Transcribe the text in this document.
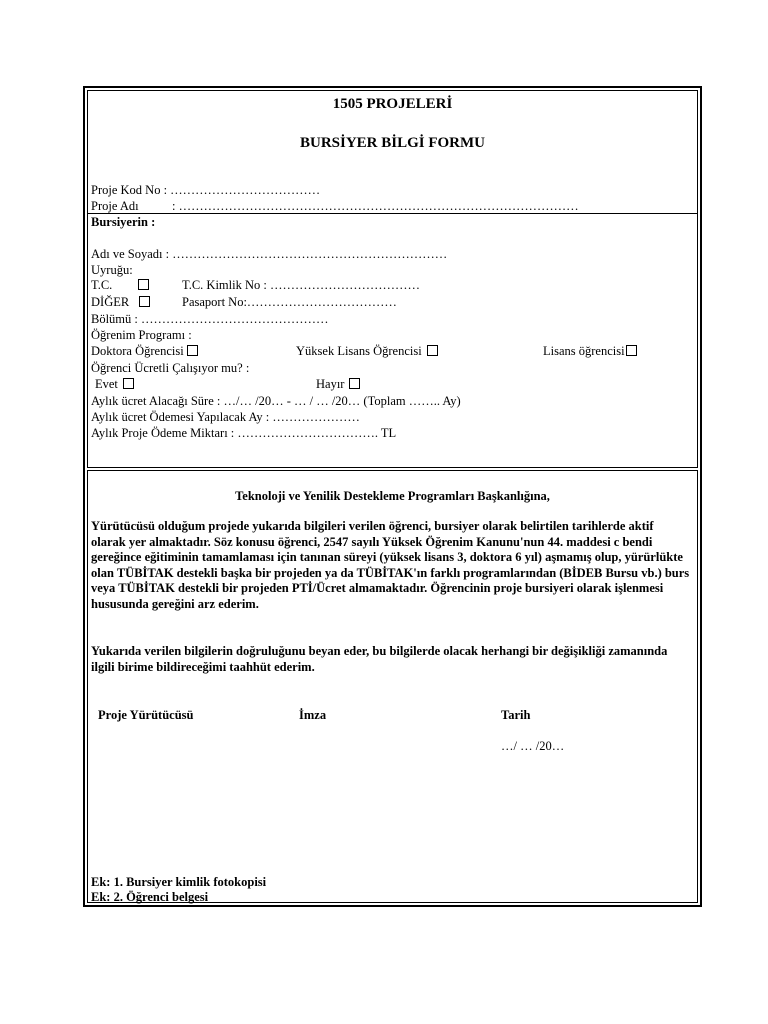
1505 PROJELERİ
BURSİYER BİLGİ FORMU
Proje Kod No : ………………………………
Proje Adı	: ……………………………………………………………………………………
Bursiyerin :
Adı ve Soyadı : …………………………………………………………
Uyruğu:
T.C.	T.C. Kimlik No : ………………………………
DİĞER	Pasaport No:………………………………
Bölümü : ………………………………………
Öğrenim Programı :
Doktora Öğrencisi	Yüksek Lisans Öğrencisi	Lisans öğrencisi
Öğrenci Ücretli Çalışıyor mu? :
Evet	Hayır
Aylık ücret Alacağı Süre : …/… /20… - … / … /20… (Toplam …….. Ay)
Aylık ücret Ödemesi Yapılacak Ay : …………………
Aylık Proje Ödeme Miktarı : ……………………………. TL
Teknoloji ve Yenilik Destekleme Programları Başkanlığına,
Yürütücüsü olduğum projede yukarıda bilgileri verilen öğrenci, bursiyer olarak belirtilen tarihlerde aktif olarak yer almaktadır. Söz konusu öğrenci, 2547 sayılı Yüksek Öğrenim Kanunu'nun 44. maddesi c bendi gereğince eğitiminin tamamlaması için tanınan süreyi (yüksek lisans 3, doktora 6 yıl) aşmamış olup, yürürlükte olan TÜBİTAK destekli başka bir projeden ya da TÜBİTAK'ın farklı programlarından (BİDEB Bursu vb.) burs veya TÜBİTAK destekli bir projeden PTİ/Ücret almamaktadır. Öğrencinin proje bursiyeri olarak işlenmesi hususunda gereğini arz ederim.
Yukarıda verilen bilgilerin doğruluğunu beyan eder, bu bilgilerde olacak herhangi bir değişikliği zamanında ilgili birime bildireceğimi taahhüt ederim.
Proje Yürütücüsü	İmza	Tarih
…/ … /20…
Ek: 1. Bursiyer kimlik fotokopisi
Ek: 2. Öğrenci belgesi
